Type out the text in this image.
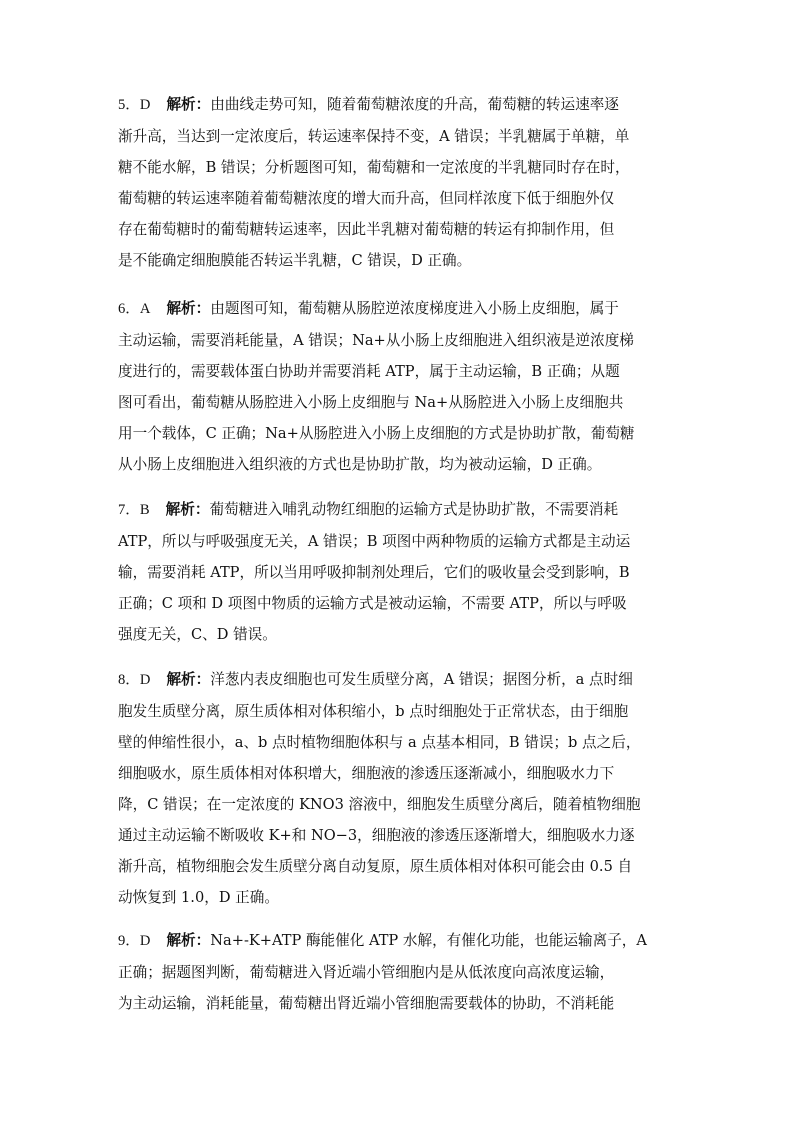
5．D 解析：由曲线走势可知，随着葡萄糖浓度的升高，葡萄糖的转运速率逐
渐升高，当达到一定浓度后，转运速率保持不变，A 错误；半乳糖属于单糖，单
糖不能水解，B 错误；分析题图可知，葡萄糖和一定浓度的半乳糖同时存在时，
葡萄糖的转运速率随着葡萄糖浓度的增大而升高，但同样浓度下低于细胞外仅
存在葡萄糖时的葡萄糖转运速率，因此半乳糖对葡萄糖的转运有抑制作用，但
是不能确定细胞膜能否转运半乳糖，C 错误，D 正确。
6．A 解析：由题图可知，葡萄糖从肠腔逆浓度梯度进入小肠上皮细胞，属于
主动运输，需要消耗能量，A 错误；Na+从小肠上皮细胞进入组织液是逆浓度梯
度进行的，需要载体蛋白协助并需要消耗 ATP，属于主动运输，B 正确；从题
图可看出，葡萄糖从肠腔进入小肠上皮细胞与 Na+从肠腔进入小肠上皮细胞共
用一个载体，C 正确；Na+从肠腔进入小肠上皮细胞的方式是协助扩散，葡萄糖
从小肠上皮细胞进入组织液的方式也是协助扩散，均为被动运输，D 正确。
7．B 解析：葡萄糖进入哺乳动物红细胞的运输方式是协助扩散，不需要消耗
ATP，所以与呼吸强度无关，A 错误；B 项图中两种物质的运输方式都是主动运
输，需要消耗 ATP，所以当用呼吸抑制剂处理后，它们的吸收量会受到影响，B
正确；C 项和 D 项图中物质的运输方式是被动运输，不需要 ATP，所以与呼吸
强度无关，C、D 错误。
8．D 解析：洋葱内表皮细胞也可发生质壁分离，A 错误；据图分析，a 点时细
胞发生质壁分离，原生质体相对体积缩小，b 点时细胞处于正常状态，由于细胞
壁的伸缩性很小，a、b 点时植物细胞体积与 a 点基本相同，B 错误；b 点之后，
细胞吸水，原生质体相对体积增大，细胞液的渗透压逐渐减小，细胞吸水力下
降，C 错误；在一定浓度的 KNO3 溶液中，细胞发生质壁分离后，随着植物细胞
通过主动运输不断吸收 K+和 NO−3，细胞液的渗透压逐渐增大，细胞吸水力逐
渐升高，植物细胞会发生质壁分离自动复原，原生质体相对体积可能会由 0.5 自
动恢复到 1.0，D 正确。
9．D 解析：Na+-K+ATP 酶能催化 ATP 水解，有催化功能，也能运输离子，A
正确；据题图判断，葡萄糖进入肾近端小管细胞内是从低浓度向高浓度运输，
为主动运输，消耗能量，葡萄糖出肾近端小管细胞需要载体的协助，不消耗能
